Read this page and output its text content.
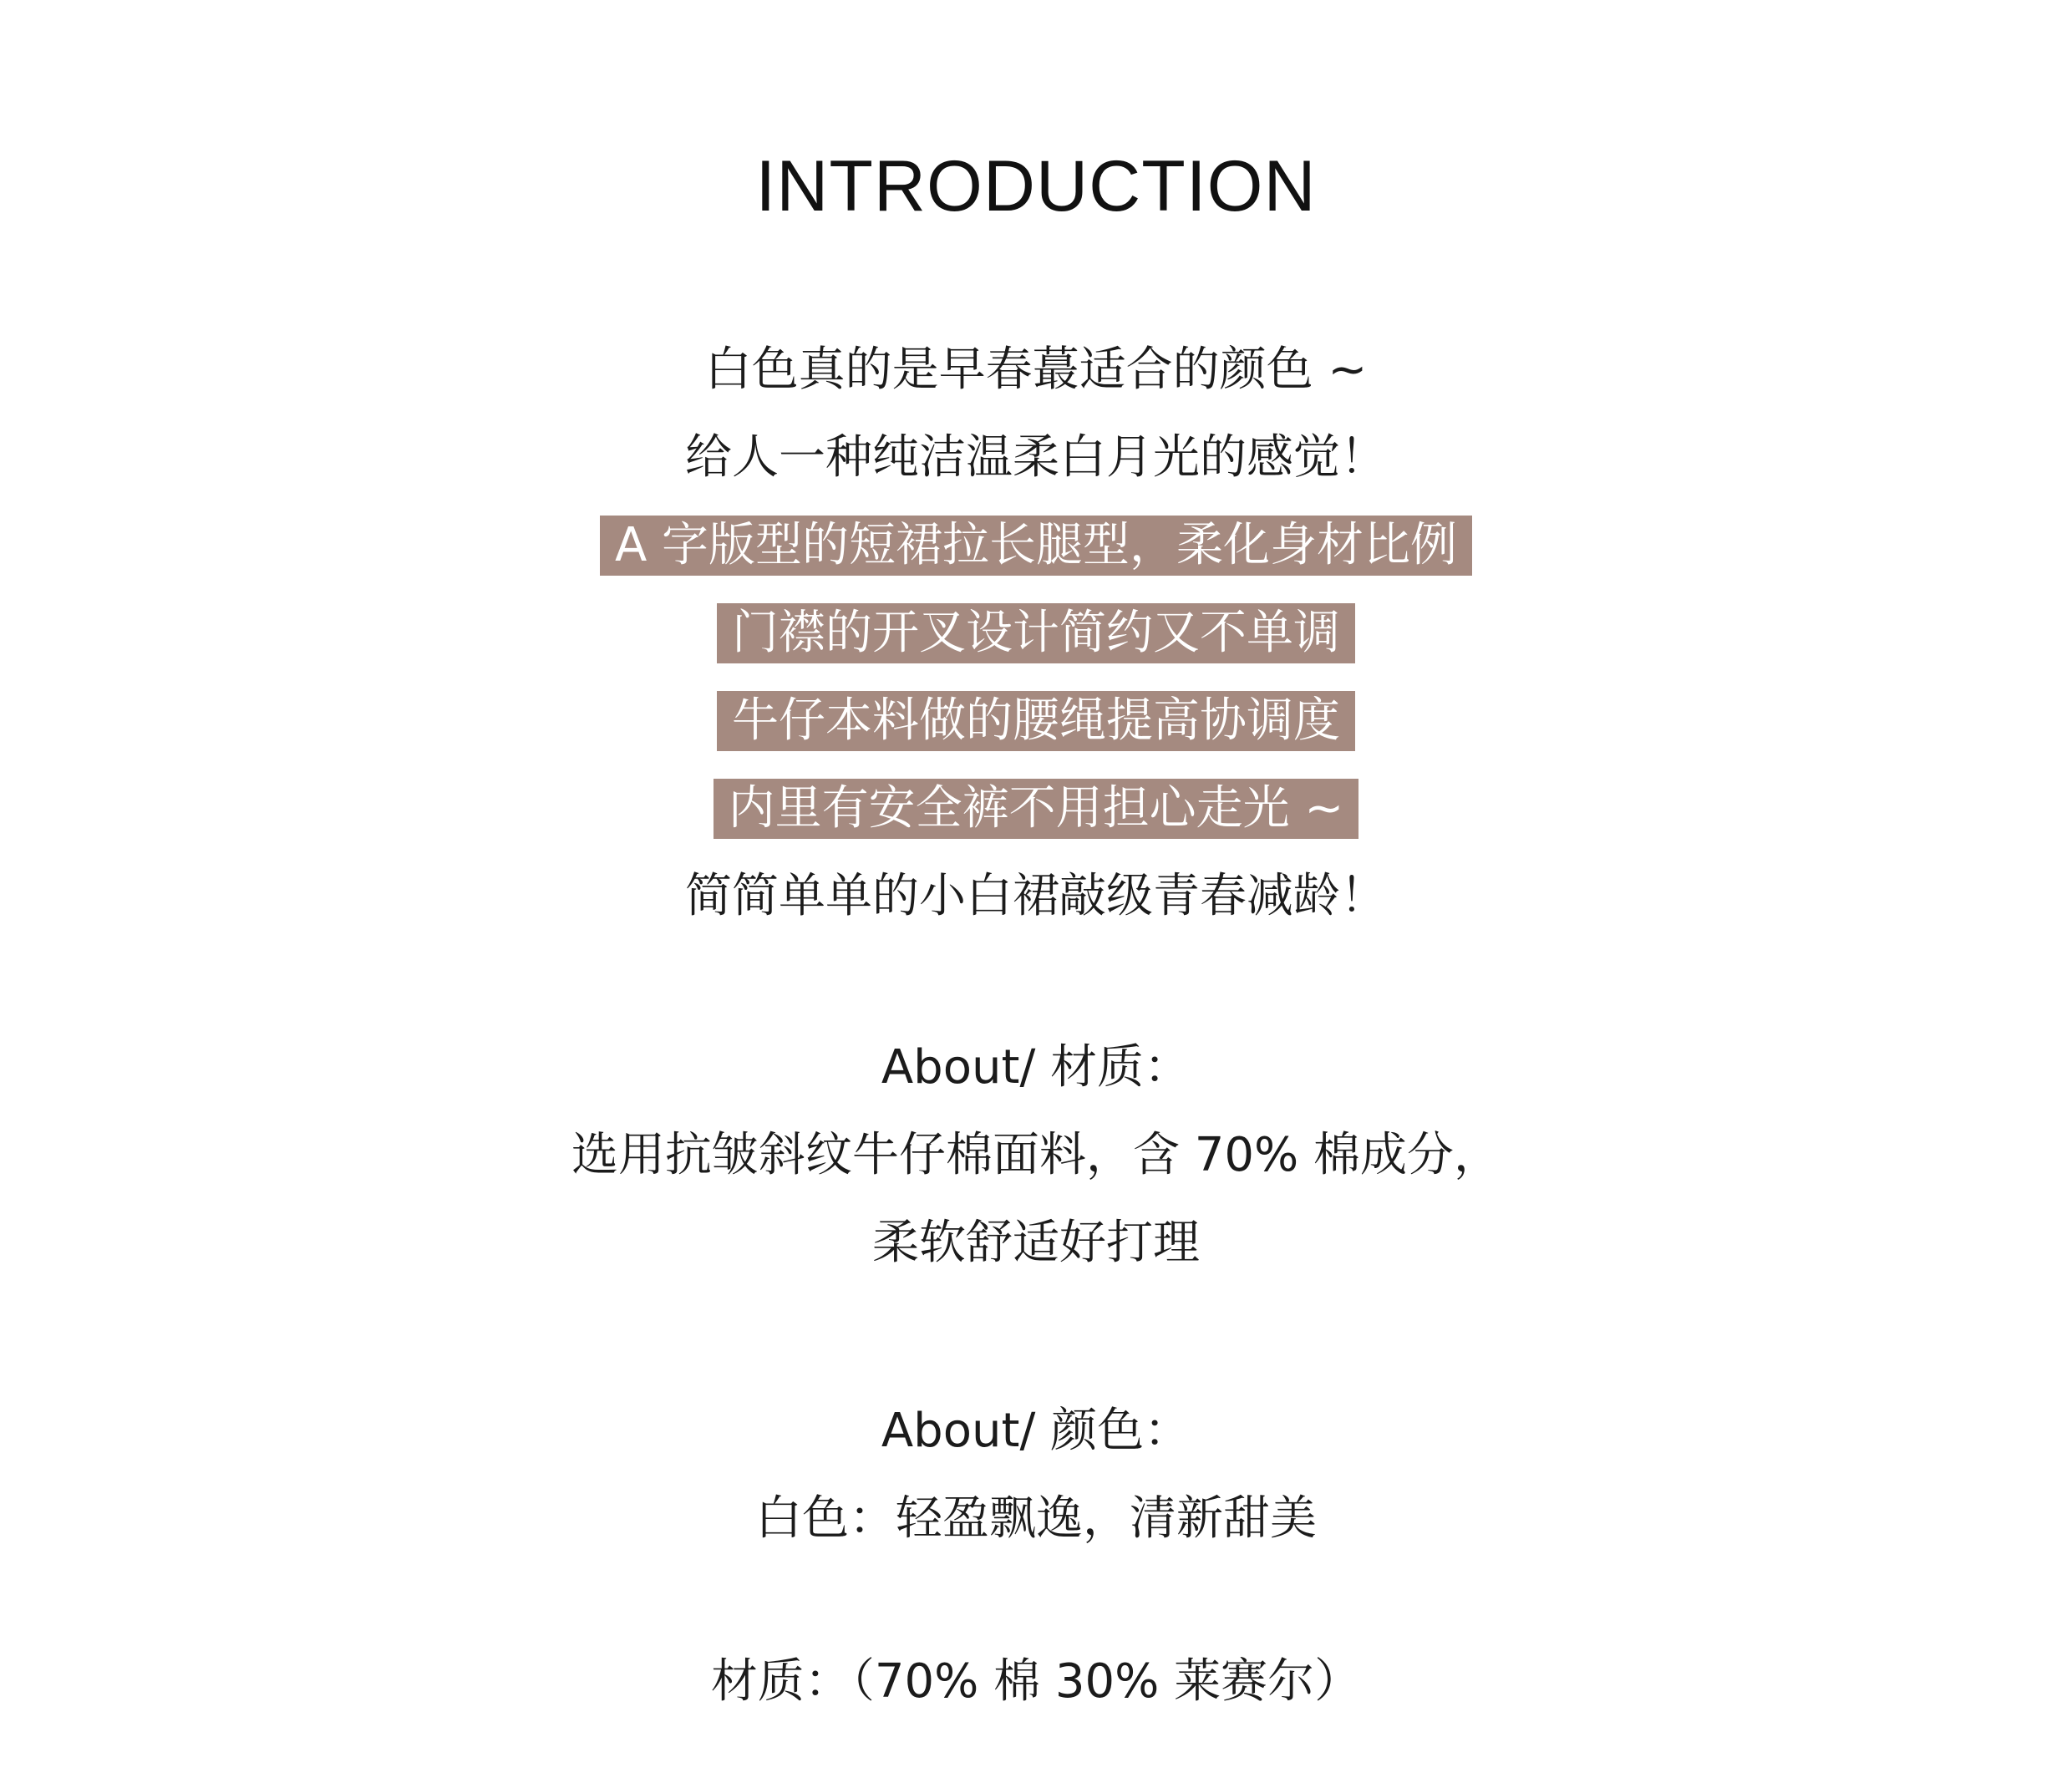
INTRODUCTION
白色真的是早春蕞适合的颜色 ~
给人一种纯洁温柔白月光的感觉！
A 字版型的短裙拉长腿型，柔化身材比例
门襟的开叉设计简约又不单调
牛仔本料做的腰绳提高协调度
内里有安全裤不用担心走光 ~
简简单单的小白裙敲级青春减龄！
About/ 材质：
选用抗皱斜纹牛仔棉面料，含 70% 棉成分，
柔软舒适好打理
About/ 颜色：
白色：轻盈飘逸，清新甜美
材质：（70% 棉 30% 莱赛尔）
